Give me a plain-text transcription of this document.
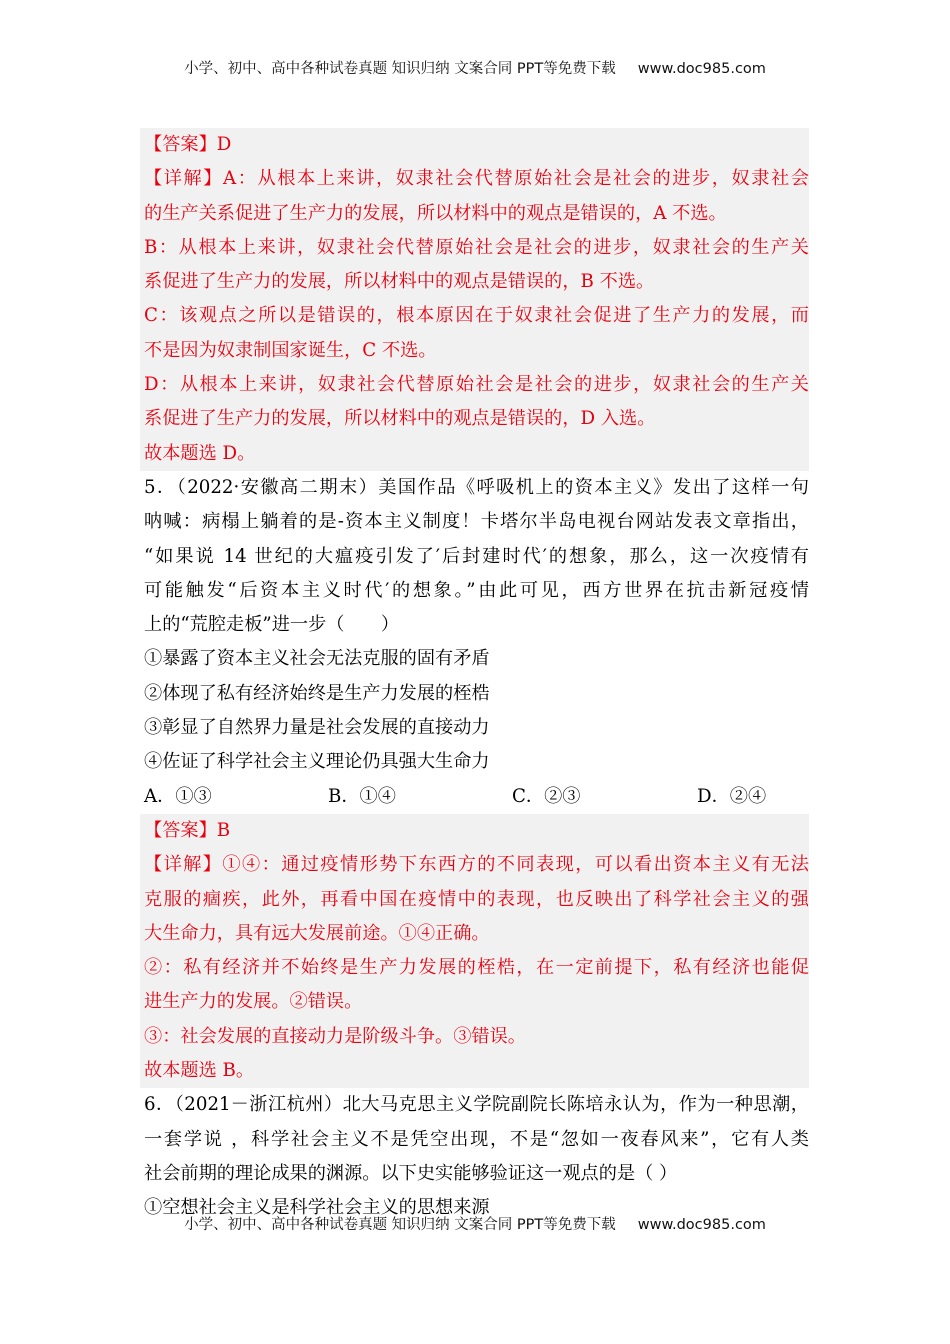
小学、初中、高中各种试卷真题 知识归纳 文案合同 PPT等免费下载 www.doc985.com
【答案】D
【详解】A：从根本上来讲，奴隶社会代替原始社会是社会的进步，奴隶社会
的生产关系促进了生产力的发展，所以材料中的观点是错误的，A 不选。
B：从根本上来讲，奴隶社会代替原始社会是社会的进步，奴隶社会的生产关
系促进了生产力的发展，所以材料中的观点是错误的，B 不选。
C：该观点之所以是错误的，根本原因在于奴隶社会促进了生产力的发展，而
不是因为奴隶制国家诞生，C 不选。
D：从根本上来讲，奴隶社会代替原始社会是社会的进步，奴隶社会的生产关
系促进了生产力的发展，所以材料中的观点是错误的，D 入选。
故本题选 D。
5．（2022·安徽高二期末）美国作品《呼吸机上的资本主义》发出了这样一句
呐喊：病榻上躺着的是-资本主义制度！卡塔尔半岛电视台网站发表文章指出，
“如果说 14 世纪的大瘟疫引发了′后封建时代′的想象，那么，这一次疫情有
可能触发“后资本主义时代′的想象。”由此可见，西方世界在抗击新冠疫情
上的“荒腔走板”进一步（　　）
①暴露了资本主义社会无法克服的固有矛盾
②体现了私有经济始终是生产力发展的桎梏
③彰显了自然界力量是社会发展的直接动力
④佐证了科学社会主义理论仍具强大生命力
A．①③	B．①④	C．②③	D．②④
【答案】B
【详解】①④：通过疫情形势下东西方的不同表现，可以看出资本主义有无法
克服的痼疾，此外，再看中国在疫情中的表现，也反映出了科学社会主义的强
大生命力，具有远大发展前途。①④正确。
②：私有经济并不始终是生产力发展的桎梏，在一定前提下，私有经济也能促
进生产力的发展。②错误。
③：社会发展的直接动力是阶级斗争。③错误。
故本题选 B。
6．（2021－浙江杭州）北大马克思主义学院副院长陈培永认为，作为一种思潮，
一套学说 ，科学社会主义不是凭空出现，不是“忽如一夜春风来”，它有人类
社会前期的理论成果的渊源。以下史实能够验证这一观点的是（ ）
①空想社会主义是科学社会主义的思想来源
小学、初中、高中各种试卷真题 知识归纳 文案合同 PPT等免费下载 www.doc985.com
